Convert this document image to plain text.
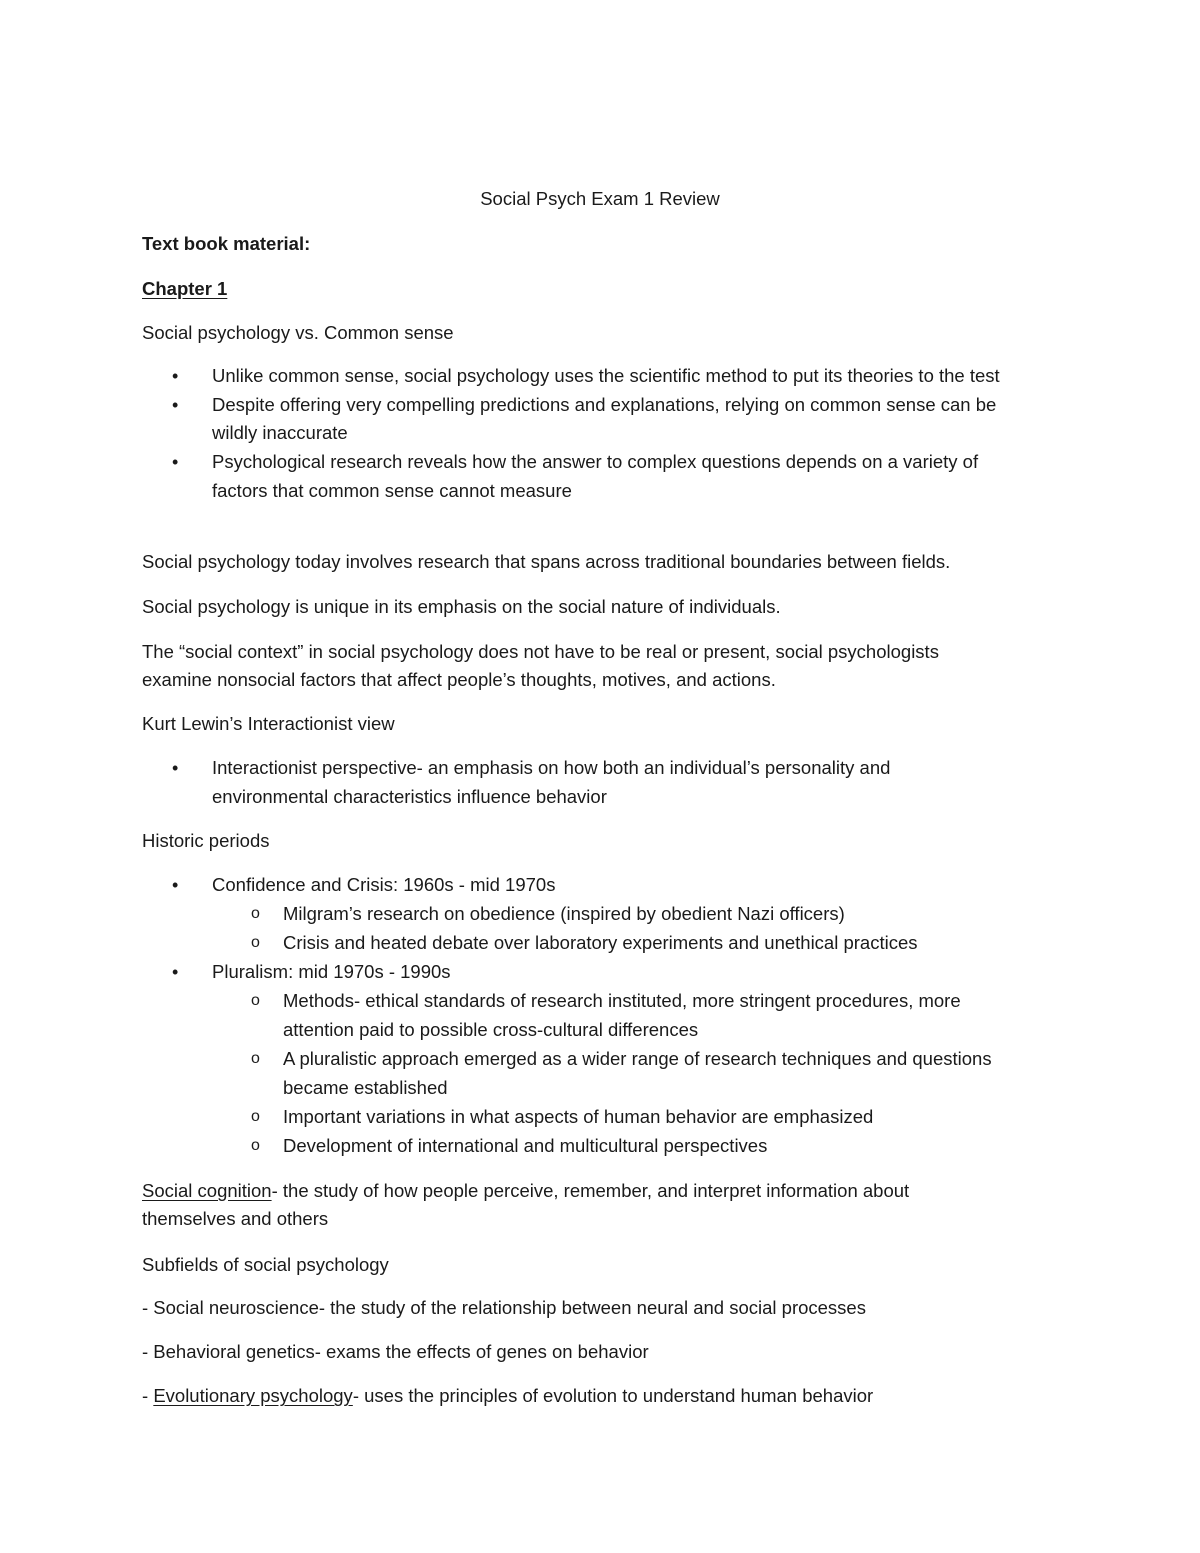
Social Psych Exam 1 Review
Text book material:
Chapter 1
Social psychology vs. Common sense
• Unlike common sense, social psychology uses the scientific method to put its theories to the test
• Despite offering very compelling predictions and explanations, relying on common sense can be
wildly inaccurate
• Psychological research reveals how the answer to complex questions depends on a variety of
factors that common sense cannot measure
Social psychology today involves research that spans across traditional boundaries between fields.
Social psychology is unique in its emphasis on the social nature of individuals.
The “social context” in social psychology does not have to be real or present, social psychologists
examine nonsocial factors that affect people’s thoughts, motives, and actions.
Kurt Lewin’s Interactionist view
• Interactionist perspective- an emphasis on how both an individual’s personality and
environmental characteristics influence behavior
Historic periods
• Confidence and Crisis: 1960s - mid 1970s
o Milgram’s research on obedience (inspired by obedient Nazi officers)
o Crisis and heated debate over laboratory experiments and unethical practices
• Pluralism: mid 1970s - 1990s
o Methods- ethical standards of research instituted, more stringent procedures, more
attention paid to possible cross-cultural differences
o A pluralistic approach emerged as a wider range of research techniques and questions
became established
o Important variations in what aspects of human behavior are emphasized
o Development of international and multicultural perspectives
Social cognition- the study of how people perceive, remember, and interpret information about
themselves and others
Subfields of social psychology
- Social neuroscience- the study of the relationship between neural and social processes
- Behavioral genetics- exams the effects of genes on behavior
- Evolutionary psychology- uses the principles of evolution to understand human behavior
